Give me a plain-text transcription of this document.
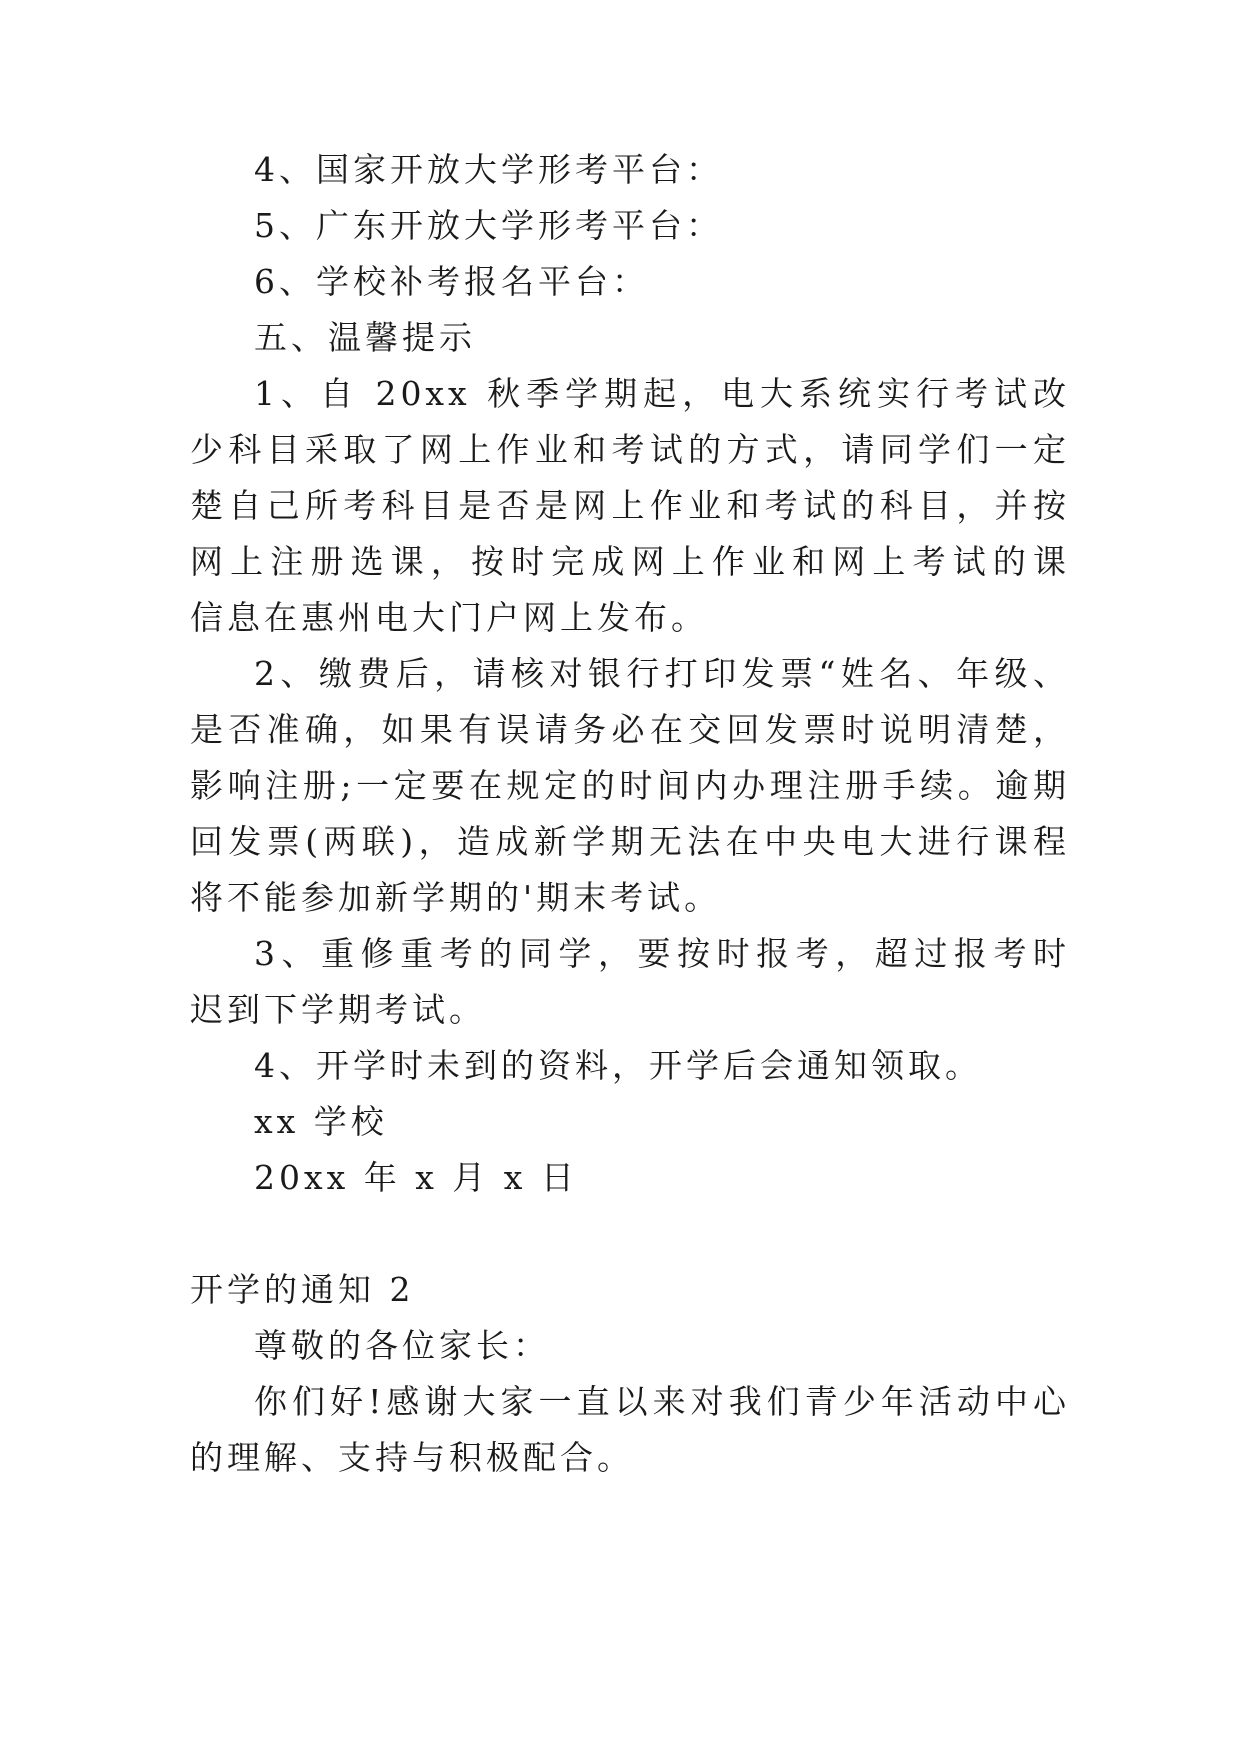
4、国家开放大学形考平台：
5、广东开放大学形考平台：
6、学校补考报名平台：
五、温馨提示
1、自 20xx 秋季学期起，电大系统实行考试改
少科目采取了网上作业和考试的方式，请同学们一定
楚自己所考科目是否是网上作业和考试的科目，并按
网上注册选课，按时完成网上作业和网上考试的课
信息在惠州电大门户网上发布。
2、缴费后，请核对银行打印发票“姓名、年级、
是否准确，如果有误请务必在交回发票时说明清楚，
影响注册;一定要在规定的时间内办理注册手续。逾期
回发票(两联)，造成新学期无法在中央电大进行课程
将不能参加新学期的'期末考试。
3、重修重考的同学，要按时报考，超过报考时
迟到下学期考试。
4、开学时未到的资料，开学后会通知领取。
xx 学校
20xx 年 x 月 x 日
开学的通知 2
尊敬的各位家长：
你们好!感谢大家一直以来对我们青少年活动中心
的理解、支持与积极配合。
